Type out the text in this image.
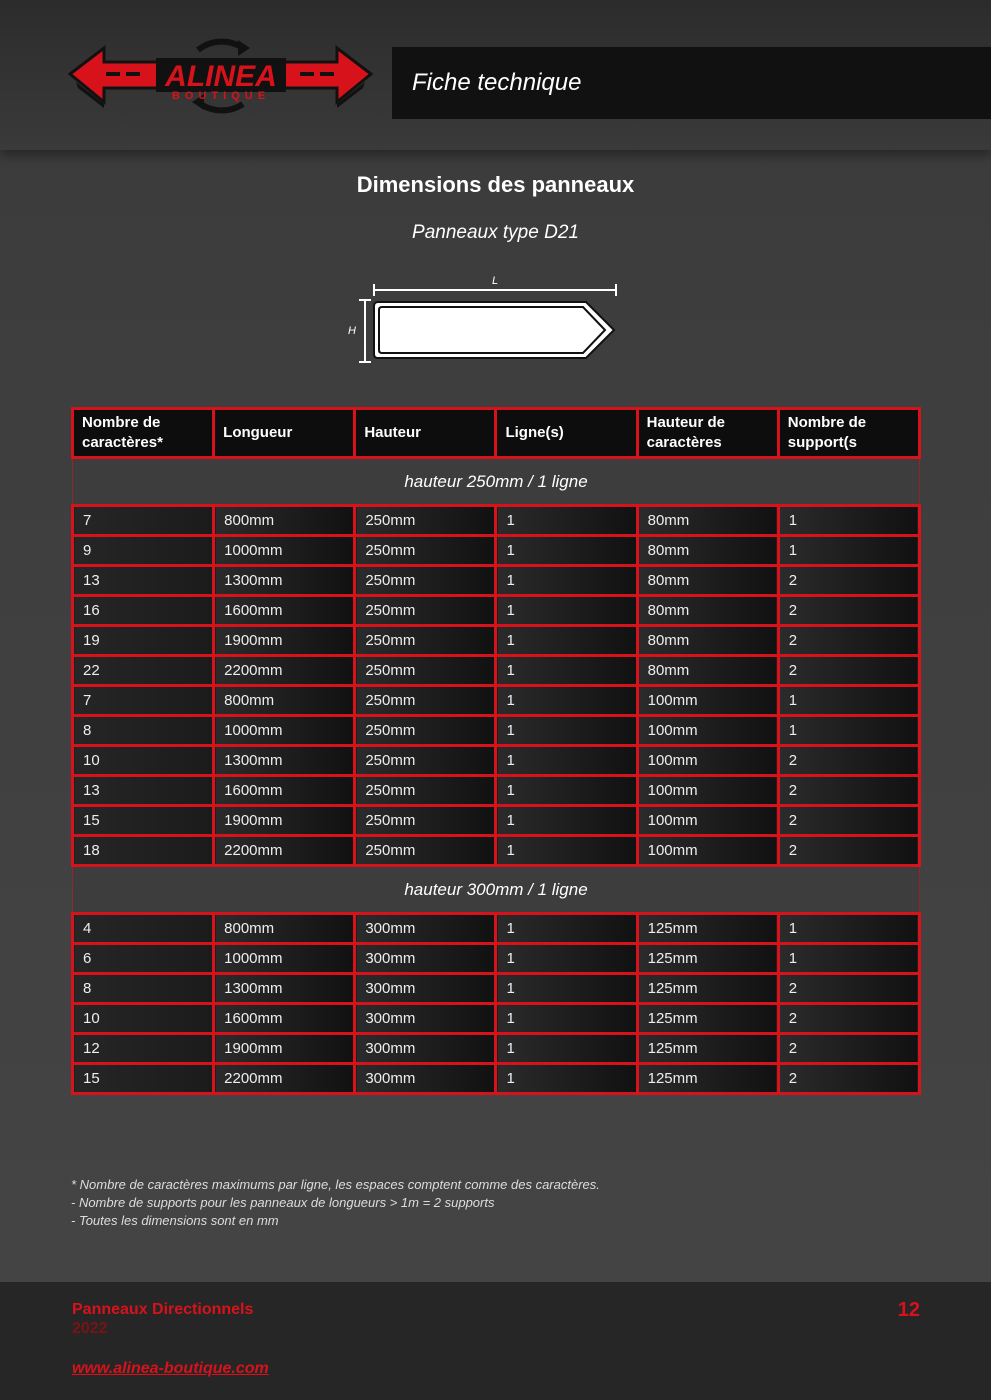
ALINEA
BOUTIQUE	Fiche technique
Dimensions des panneaux
Panneaux type D21
L
H
Nombre de caractères*	Longueur	Hauteur	Ligne(s)	Hauteur de caractères	Nombre de support(s
hauteur 250mm / 1 ligne					
7	800mm	250mm	1	80mm	1
9	1000mm	250mm	1	80mm	1
13	1300mm	250mm	1	80mm	2
16	1600mm	250mm	1	80mm	2
19	1900mm	250mm	1	80mm	2
22	2200mm	250mm	1	80mm	2
7	800mm	250mm	1	100mm	1
8	1000mm	250mm	1	100mm	1
10	1300mm	250mm	1	100mm	2
13	1600mm	250mm	1	100mm	2
15	1900mm	250mm	1	100mm	2
18	2200mm	250mm	1	100mm	2
hauteur 300mm / 1 ligne					
4	800mm	300mm	1	125mm	1
6	1000mm	300mm	1	125mm	1
8	1300mm	300mm	1	125mm	2
10	1600mm	300mm	1	125mm	2
12	1900mm	300mm	1	125mm	2
15	2200mm	300mm	1	125mm	2
* Nombre de caractères maximums par ligne, les espaces comptent comme des caractères.
- Nombre de supports pour les panneaux de longueurs > 1m = 2 supports
- Toutes les dimensions sont en mm
Panneaux Directionnels
2022
12
www.alinea-boutique.com
